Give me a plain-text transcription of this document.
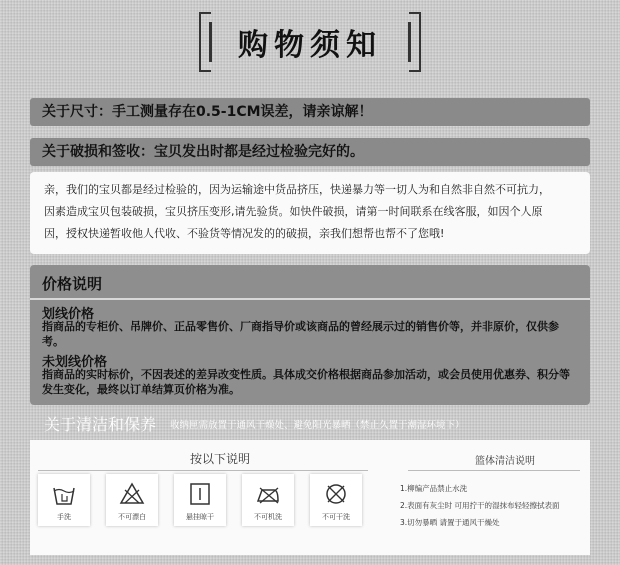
购物须知
关于尺寸：手工测量存在0.5-1CM误差，请亲谅解！
关于破损和签收：宝贝发出时都是经过检验完好的。

亲，我们的宝贝都是经过检验的，因为运输途中货品挤压，快递暴力等一切人为和自然非自然不可抗力，

因素造成宝贝包装破损，宝贝挤压变形,请先验货。如快件破损，请第一时间联系在线客服，如因个人原

因，授权快递暂收他人代收、不验货等情况发的的破损，亲我们想帮也帮不了您哦!

价格说明
划线价格
指商品的专柜价、吊牌价、正品零售价、厂商指导价或该商品的曾经展示过的销售价等，并非原价，仅供参考。
未划线价格
指商品的实时标价，不因表述的差异改变性质。具体成交价格根据商品参加活动，或会员使用优惠券、积分等发生变化，最终以订单结算页价格为准。
关于清洁和保养 收纳匣需放置于通风干燥处、避免阳光暴晒（禁止久置于潮湿环境下）
按以下说明	篮体清洁说明
手洗	不可漂白	悬挂晾干	不可机洗	不可干洗
1.柳编产品禁止水洗
2.表面有灰尘时 可用拧干的湿抹布轻轻擦拭表面
3.切勿暴晒 请置于通风干燥处
